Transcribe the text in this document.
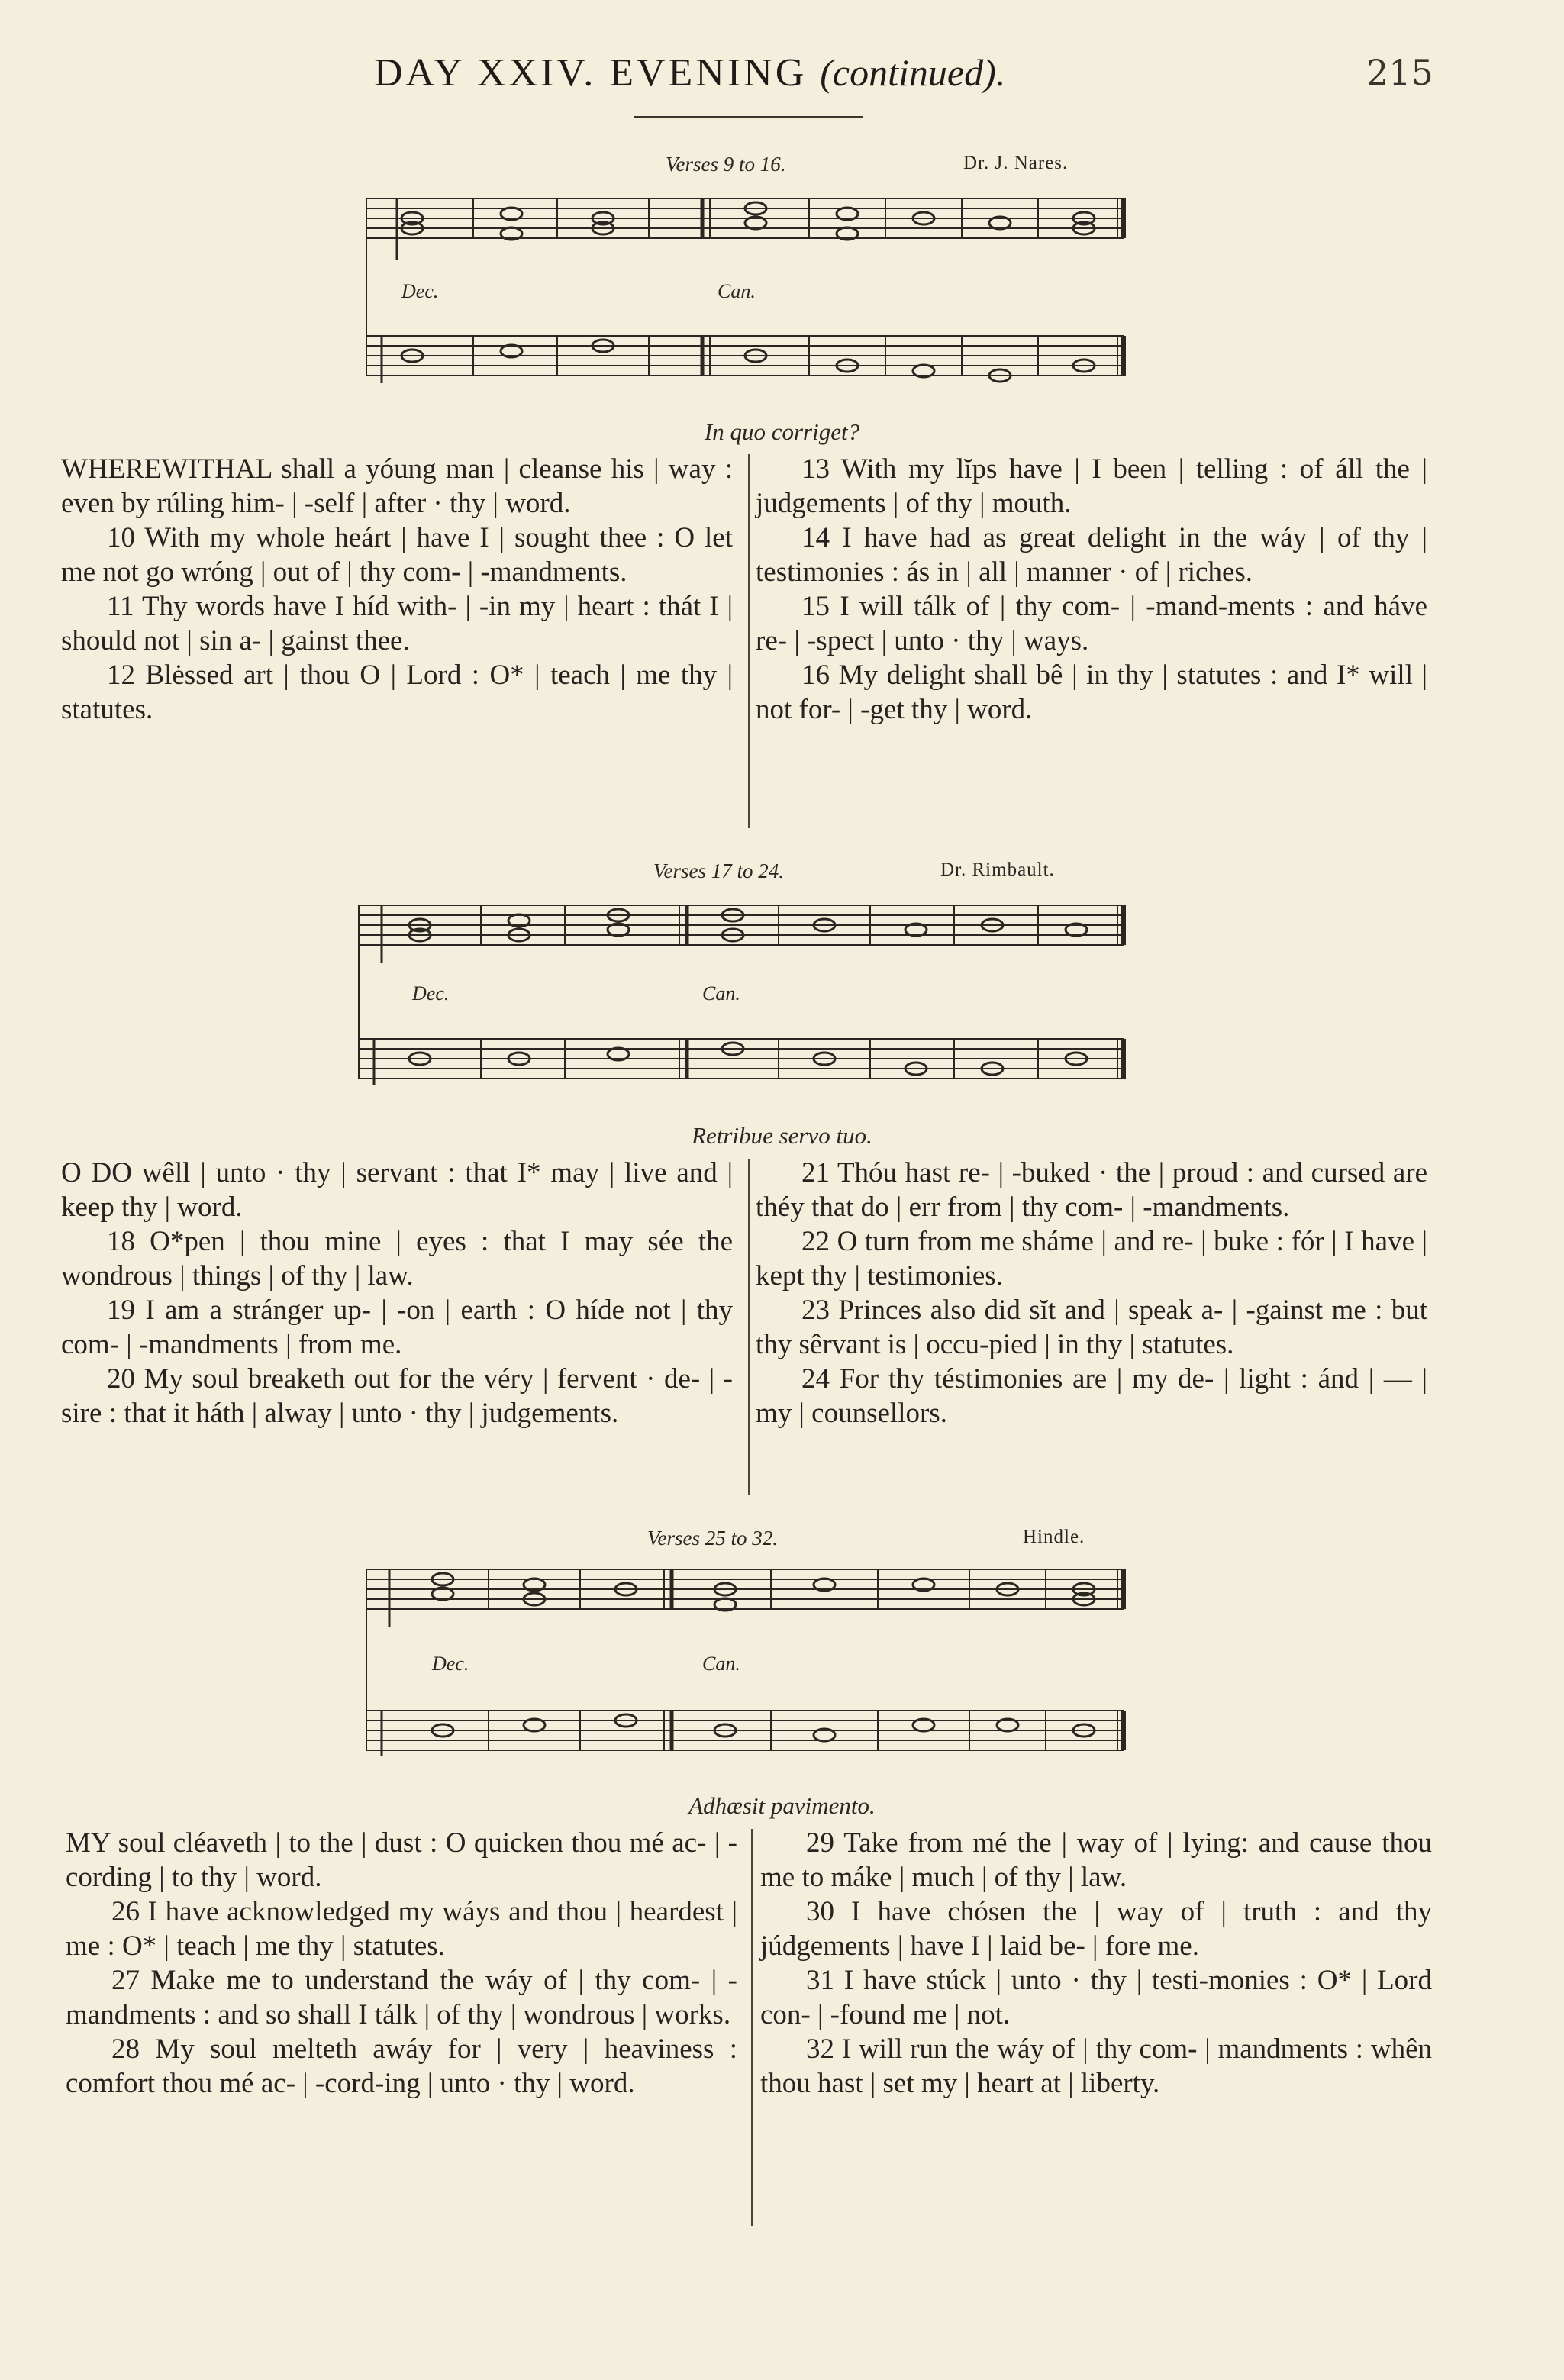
DAY XXIV. EVENING (continued).	215
Verses 9 to 16.	Dr. J. Nares.
Dec.	Can.
In quo corriget?

WHEREWITHAL shall a yóung man | cleanse his | way : even by rúling him- | -self | after · thy | word.

10 With my whole heárt | have I | sought thee : O let me not go wróng | out of | thy com- | -mandments.

11 Thy words have I híd with- | -in my | heart : thát I | should not | sin a- | gainst thee.

12 Blėssed art | thou O | Lord : O* | teach | me thy | statutes.

13 With my lĭps have | I been | telling : of áll the | judgements | of thy | mouth.

14 I have had as great delight in the wáy | of thy | testimonies : ás in | all | manner · of | riches.

15 I will tálk of | thy com- | -mand-ments : and háve re- | -spect | unto · thy | ways.

16 My delight shall bê | in thy | statutes : and I* will | not for- | -get thy | word.

Verses 17 to 24.	Dr. Rimbault.
Dec.	Can.
Retribue servo tuo.

O DO wêll | unto · thy | servant : that I* may | live and | keep thy | word.

18 O*pen | thou mine | eyes : that I may sée the wondrous | things | of thy | law.

19 I am a stránger up- | -on | earth : O híde not | thy com- | -mandments | from me.

20 My soul breaketh out for the véry | fervent · de- | -sire : that it háth | alway | unto · thy | judgements.

21 Thóu hast re- | -buked · the | proud : and cursed are théy that do | err from | thy com- | -mandments.

22 O turn from me sháme | and re- | buke : fór | I have | kept thy | testimonies.

23 Princes also did sĭt and | speak a- | -gainst me : but thy sêrvant is | occu-pied | in thy | statutes.

24 For thy téstimonies are | my de- | light : ánd | — | my | counsellors.

Verses 25 to 32.	Hindle.
Dec.	Can.
Adhæsit pavimento.

MY soul cléaveth | to the | dust : O quicken thou mé ac- | -cording | to thy | word.

26 I have acknowledged my wáys and thou | heardest | me : O* | teach | me thy | statutes.

27 Make me to understand the wáy of | thy com- | -mandments : and so shall I tálk | of thy | wondrous | works.

28 My soul melteth awáy for | very | heaviness : comfort thou mé ac- | -cord-ing | unto · thy | word.

29 Take from mé the | way of | lying: and cause thou me to máke | much | of thy | law.

30 I have chósen the | way of | truth : and thy júdgements | have I | laid be- | fore me.

31 I have stúck | unto · thy | testi-monies : O* | Lord con- | -found me | not.

32 I will run the wáy of | thy com- | mandments : whên thou hast | set my | heart at | liberty.
